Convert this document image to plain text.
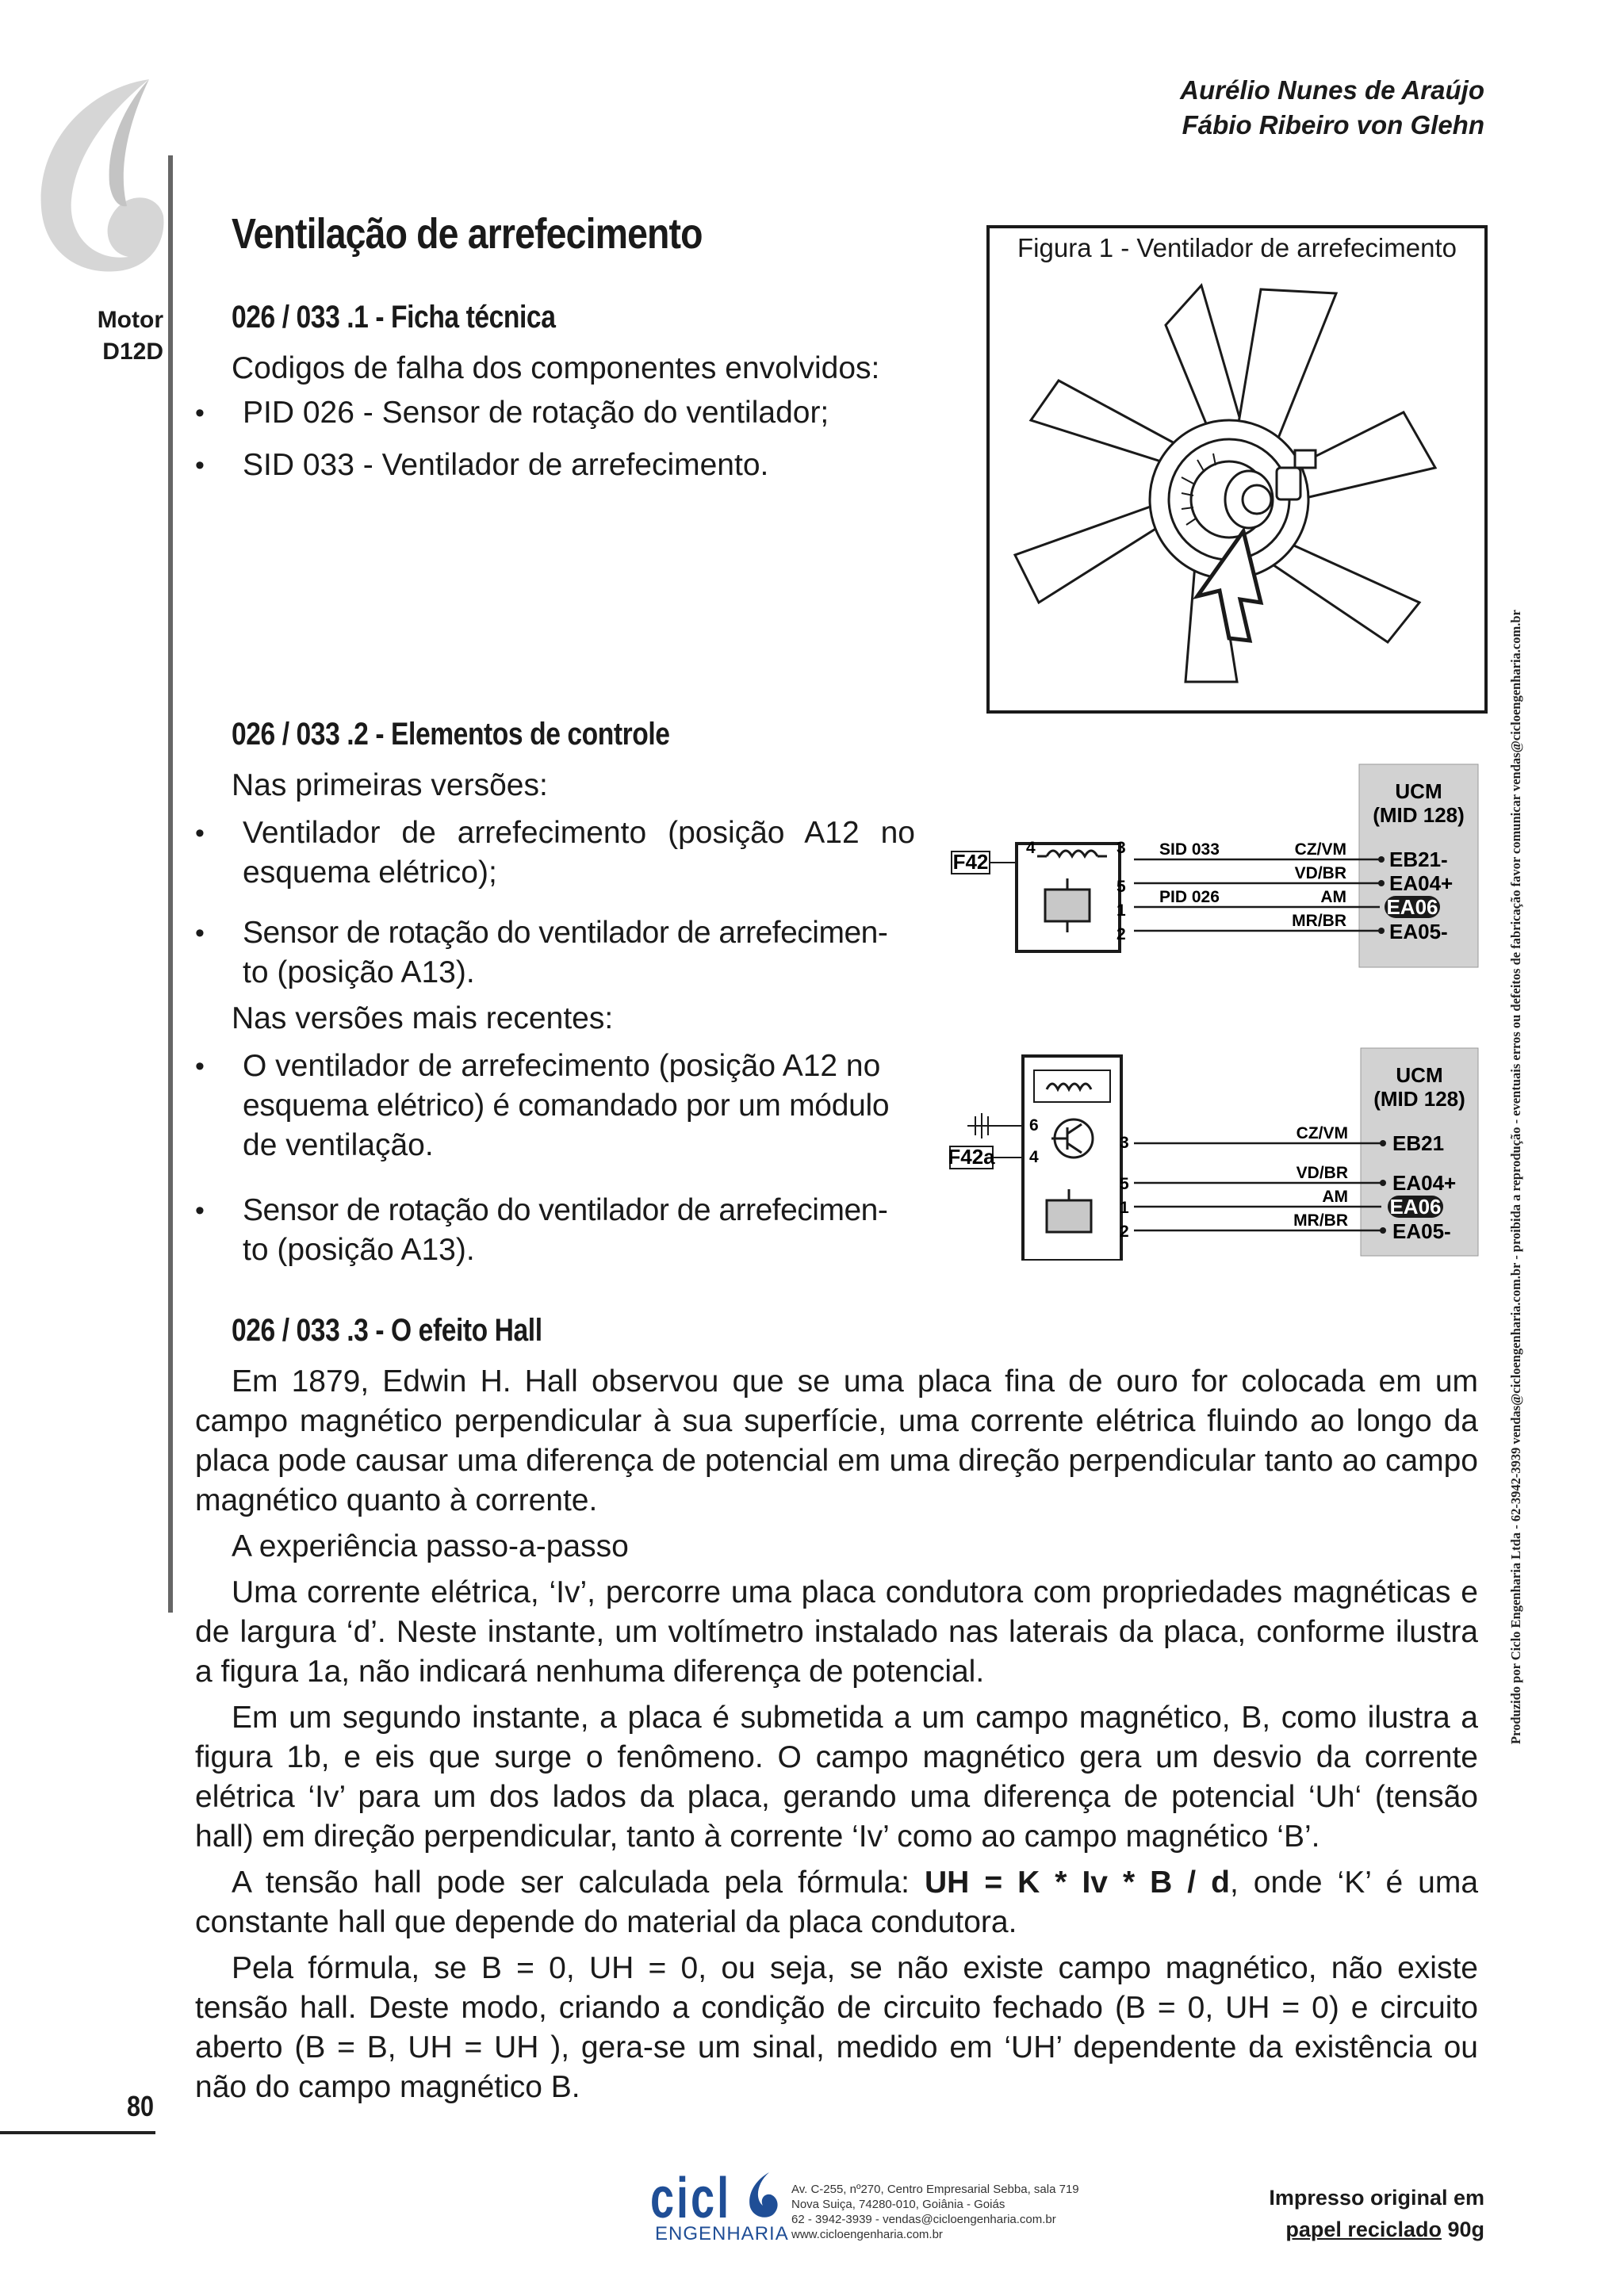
Aurélio Nunes de Araújo
Fábio Ribeiro von Glehn
Motor
D12D
Ventilação de arrefecimento
026 / 033 .1 - Ficha técnica
Codigos de falha dos componentes envolvidos:
• PID 026 - Sensor de rotação do ventilador;
• SID 033 - Ventilador de arrefecimento.
Figura 1 - Ventilador de arrefecimento
026 / 033 .2 - Elementos de controle
Nas primeiras versões:
• Ventilador de arrefecimento (posição A12 no
esquema elétrico);
• Sensor de rotação do ventilador de arrefecimen-
to (posição A13).
Nas versões mais recentes:
• O ventilador de arrefecimento (posição A12 no
esquema elétrico) é comandado por um módulo
de ventilação.
• Sensor de rotação do ventilador de arrefecimen-
to (posição A13).
UCM
(MID 128)
F42
4	3
5
1
2
SID 033
PID 026
CZ/VM
VD/BR
AM
MR/BR
EB21-
EA04+
EA06
EA05-
UCM
(MID 128)
F42a
6
4
3
5
1
2
CZ/VM
VD/BR
AM
MR/BR
EB21
EA04+
EA06
EA05-
026 / 033 .3 - O efeito Hall
Em 1879, Edwin H. Hall observou que se uma placa fina de ouro for colocada em um campo magnético perpendicular à sua superfície, uma corrente elétrica fluindo ao longo da placa pode causar uma diferença de potencial em uma direção perpendicular tanto ao campo magnético quanto à corrente.
A experiência passo-a-passo
Uma corrente elétrica, ‘Iv’, percorre uma placa condutora com propriedades magnéticas e de largura ‘d’. Neste instante, um voltímetro instalado nas laterais da placa, conforme ilustra a figura 1a, não indicará nenhuma diferença de potencial.
Em um segundo instante, a placa é submetida a um campo magnético, B, como ilustra a figura 1b, e eis que surge o fenômeno. O campo magnético gera um desvio da corrente elétrica ‘Iv’ para um dos lados da placa, gerando uma diferença de potencial ‘Uh‘ (tensão hall) em direção perpendicular, tanto à corrente ‘Iv’ como ao campo magnético ‘B’.
A tensão hall pode ser calculada pela fórmula: UH = K * Iv * B / d, onde ‘K’ é uma constante hall que depende do material da placa condutora.
Pela fórmula, se B = 0, UH = 0, ou seja, se não existe campo magnético, não existe tensão hall. Deste modo, criando a condição de circuito fechado (B = 0, UH = 0) e circuito aberto (B = B, UH = UH ), gera-se um sinal, medido em ‘UH’ dependente da existência ou não do campo magnético B.
80
Produzido por Ciclo Engenharia Ltda - 62-3942-3939 vendas@cicloengenharia.com.br - proibida a reprodução - eventuais erros ou defeitos de fabricação favor comunicar vendas@cicloengenharia.com.br
cicl
ENGENHARIA
Av. C-255, nº270, Centro Empresarial Sebba, sala 719
Nova Suiça, 74280-010, Goiânia - Goiás
62 - 3942-3939 - vendas@cicloengenharia.com.br
www.cicloengenharia.com.br
Impresso original em
papel reciclado 90g
